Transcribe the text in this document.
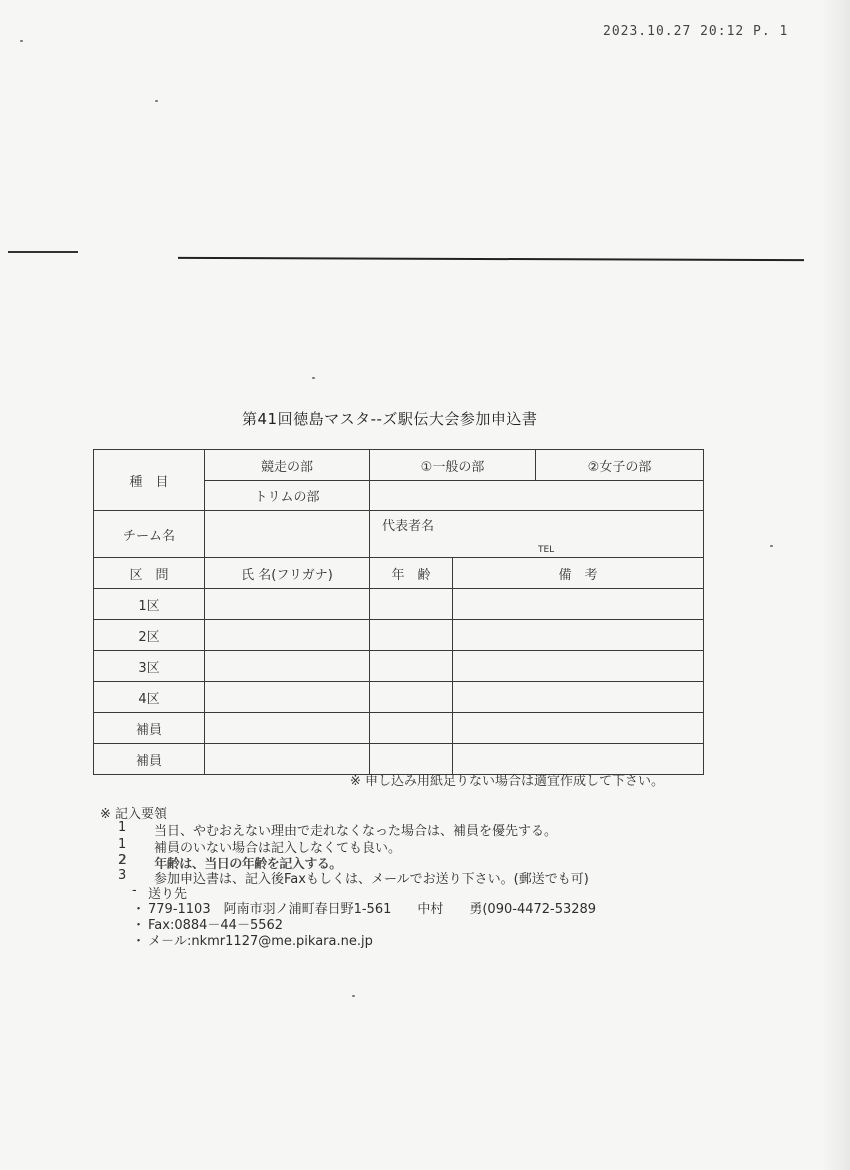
2023.10.27 20:12 P. 1
第41回徳島マスタ--ズ駅伝大会参加申込書
種　目	競走の部	①一般の部		②女子の部
	トリムの部			
チーム名		代表者名
TEL		

区　問	氏 名(フリガナ)	年　齢	備　考	
1区				
2区				
3区				
4区				
補員				
補員				
※ 申し込み用紙足りない場合は適宜作成して下さい。
※ 記入要領
1 当日、やむおえない理由で走れなくなった場合は、補員を優先する。
1 補員のいない場合は記入しなくても良い。
2 年齢は、当日の年齢を記入する。
3 参加申込書は、記入後Faxもしくは、メールでお送り下さい。(郵送でも可)
- 送り先
・ 779-1103　阿南市羽ノ浦町春日野1-561　　中村　　勇(090-4472-53289
・ Fax:0884－44－5562
・ メ－ル:nkmr1127@me.pikara.ne.jp
